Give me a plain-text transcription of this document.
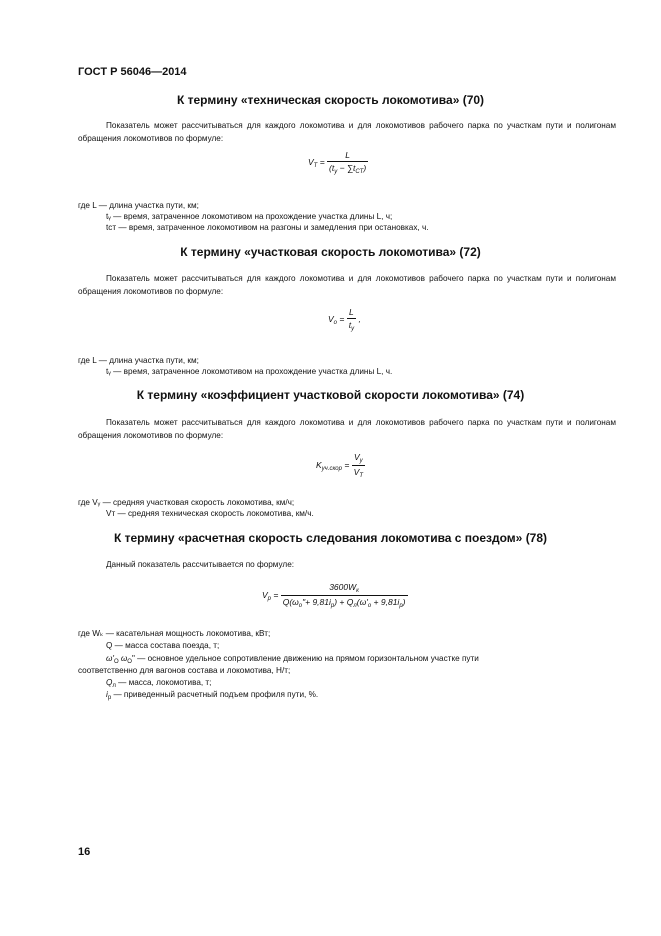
ГОСТ Р 56046—2014
К термину «техническая скорость локомотива» (70)
Показатель может рассчитываться для каждого локомотива и для локомотивов рабочего парка по участкам пути и полигонам обращения локомотивов по формуле:
$V_T = \frac{L}{(t_y - \sum t_{CT})}$
где L — длина участка пути, км;
tᵧ — время, затраченное локомотивом на прохождение участка длины L, ч;
tст — время, затраченное локомотивом на разгоны и замедления при остановках, ч.
К термину «участковая скорость локомотива» (72)
Показатель может рассчитываться для каждого локомотива и для локомотивов рабочего парка по участкам пути и полигонам обращения локомотивов по формуле:
$V_o = \frac{L}{t_y}$ ,
где L — длина участка пути, км;
tᵧ — время, затраченное локомотивом на прохождение участка длины L, ч.
К термину «коэффициент участковой скорости локомотива» (74)
Показатель может рассчитываться для каждого локомотива и для локомотивов рабочего парка по участкам пути и полигонам обращения локомотивов по формуле:
$K_{уч.скор} = \frac{V_y}{V_T}$
где Vᵧ — средняя участковая скорость локомотива, км/ч;
Vт — средняя техническая скорость локомотива, км/ч.
К термину «расчетная скорость следования локомотива с поездом» (78)
Данный показатель рассчитывается по формуле:
$V_p = \frac{3600W_к}{Q(\omega_o"+ 9,81i_p) + Q_л(\omega'_o + 9,81i_p)}$
где Wₖ — касательная мощность локомотива, кВт;
Q — масса состава поезда, т;
$\omega'_O$ $\omega_O$" — основное удельное сопротивление движению на прямом горизонтальном участке пути
соответственно для вагонов состава и локомотива, Н/т;
$Q_л$ — масса, локомотива, т;
$i_p$ — приведенный расчетный подъем профиля пути, %.
16
